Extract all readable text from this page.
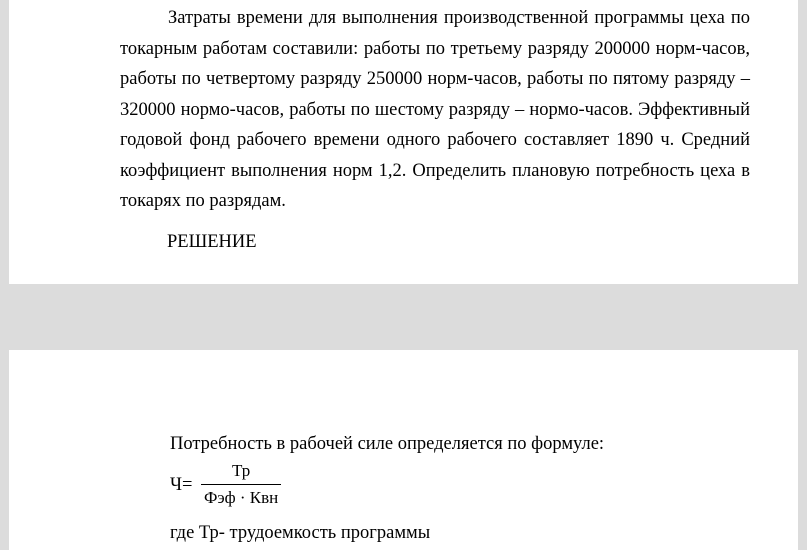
Затраты времени для выполнения производственной программы цеха по токарным работам составили: работы по третьему разряду 200000 норм-часов, работы по четвертому разряду 250000 норм-часов, работы по пятому разряду – 320000 нормо-часов, работы по шестому разряду – нормо-часов. Эффективный годовой фонд рабочего времени одного рабочего составляет 1890 ч. Средний коэффициент выполнения норм 1,2. Определить плановую потребность цеха в токарях по разрядам.

РЕШЕНИЕ

Потребность в рабочей силе определяется по формуле:

Ч=
Тр
Фэф · Квн

где Тр- трудоемкость программы
